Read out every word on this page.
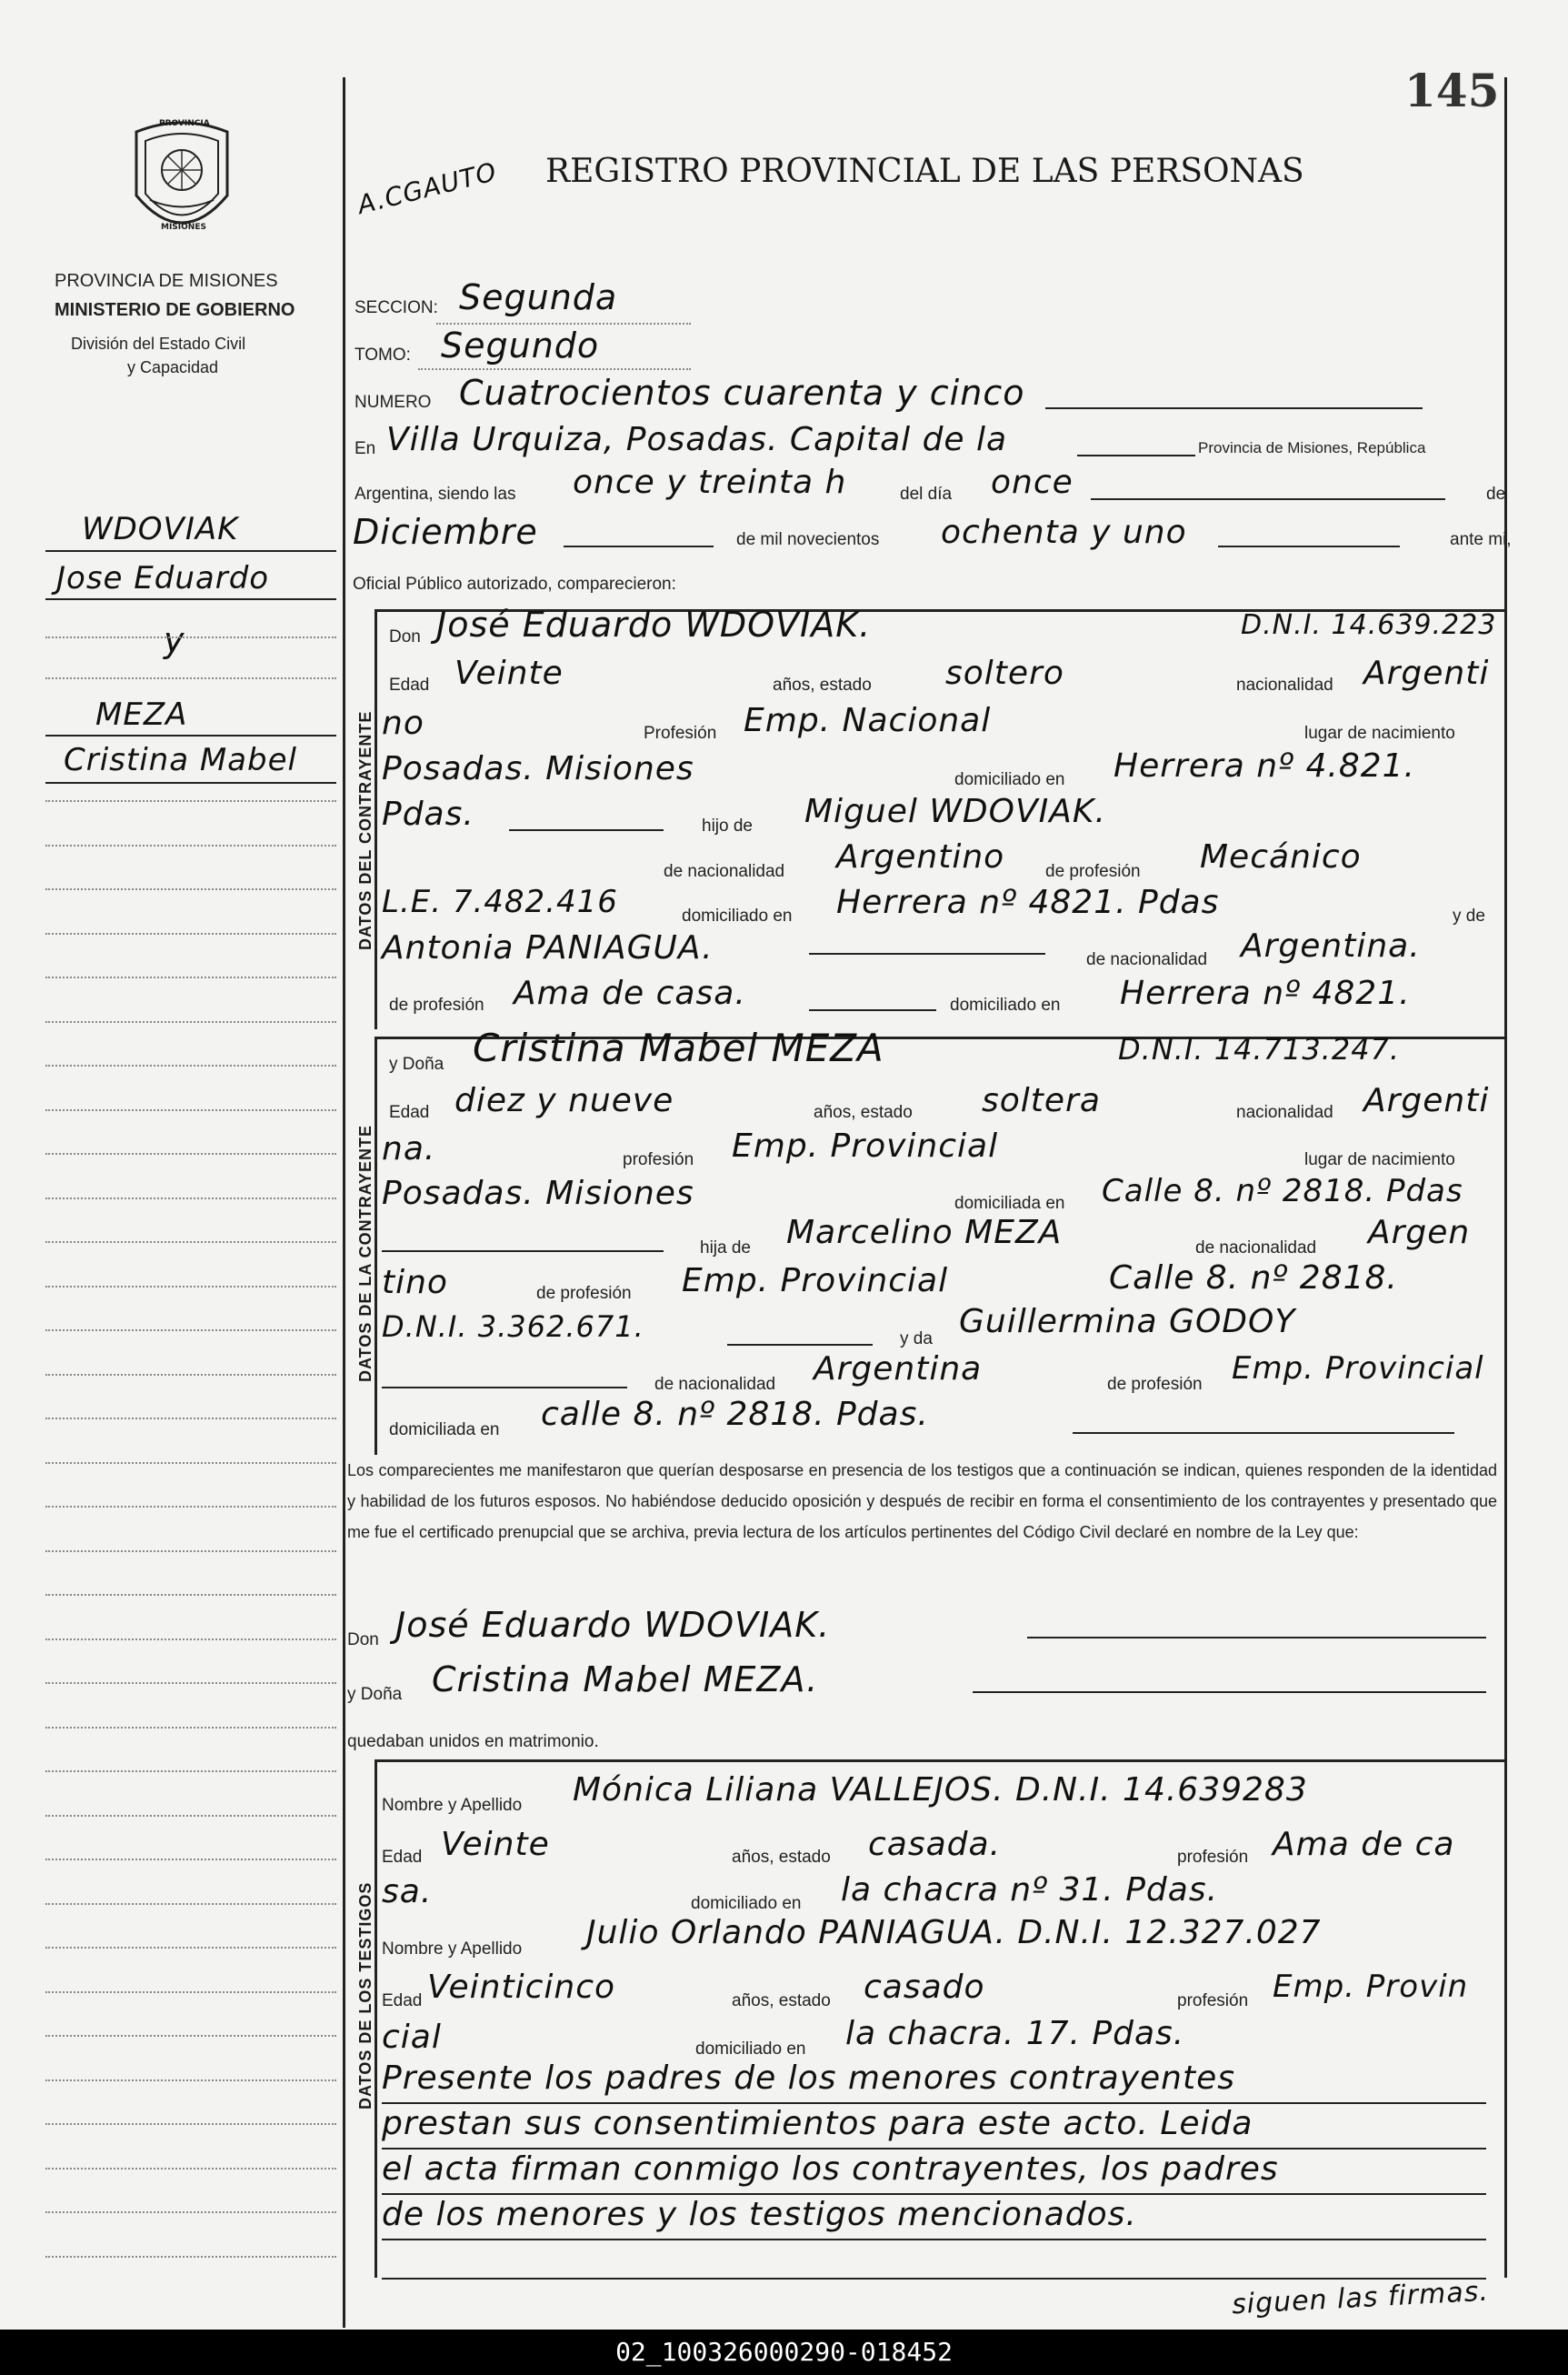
145
PROVINCIA
MISIONES
PROVINCIA DE MISIONES
MINISTERIO DE GOBIERNO
División del Estado Civil
y Capacidad
REGISTRO PROVINCIAL DE LAS PERSONAS
A.CGAUTO
WDOVIAK
Jose Eduardo
y
MEZA
Cristina Mabel
SECCION: Segunda
TOMO: Segundo
NUMERO Cuatrocientos cuarenta y cinco
En Villa Urquiza, Posadas. Capital de la	Provincia de Misiones, República
Argentina, siendo las once y treinta h	del día once	de
Diciembre	de mil novecientos ochenta y uno	ante mi,
Oficial Público autorizado, comparecieron:
DATOS DEL CONTRAYENTE
Don José Eduardo WDOVIAK.	D.N.I. 14.639.223
Edad Veinte	años, estado soltero	nacionalidad Argenti
no	Profesión Emp. Nacional	lugar de nacimiento
Posadas. Misiones	domiciliado en Herrera nº 4.821.
Pdas.	hijo de Miguel WDOVIAK.
de nacionalidad Argentino de profesión Mecánico
L.E. 7.482.416	domiciliado en Herrera nº 4821. Pdas	y de
Antonia PANIAGUA.	de nacionalidad Argentina.
de profesión Ama de casa.	domiciliado en Herrera nº 4821.
DATOS DE LA CONTRAYENTE
y Doña Cristina Mabel MEZA	D.N.I. 14.713.247.
Edad diez y nueve	años, estado soltera	nacionalidad Argenti
na.	profesión Emp. Provincial	lugar de nacimiento
Posadas. Misiones	domiciliada en Calle 8. nº 2818. Pdas
hija de Marcelino MEZA	de nacionalidad Argen
tino	de profesión Emp. Provincial	Calle 8. nº 2818.
D.N.I. 3.362.671.	y da Guillermina GODOY
de nacionalidad Argentina	de profesión Emp. Provincial
domiciliada en calle 8. nº 2818. Pdas.
Los comparecientes me manifestaron que querían desposarse en presencia de los testigos que a continuación se indican, quienes responden de la identidad y habilidad de los futuros esposos. No habiéndose deducido oposición y después de recibir en forma el consentimiento de los contrayentes y presentado que me fue el certificado prenupcial que se archiva, previa lectura de los artículos pertinentes del Código Civil declaré en nombre de la Ley que:
Don José Eduardo WDOVIAK.
y Doña Cristina Mabel MEZA.
quedaban unidos en matrimonio.
DATOS DE LOS TESTIGOS
Nombre y Apellido Mónica Liliana VALLEJOS. D.N.I. 14.639283
Edad Veinte	años, estado casada.	profesión Ama de ca
sa.	domiciliado en la chacra nº 31. Pdas.
Nombre y Apellido Julio Orlando PANIAGUA. D.N.I. 12.327.027
Edad Veinticinco	años, estado casado	profesión Emp. Provin
cial	domiciliado en la chacra. 17. Pdas.
Presente los padres de los menores contrayentes
prestan sus consentimientos para este acto. Leida
el acta firman conmigo los contrayentes, los padres
de los menores y los testigos mencionados.
siguen las firmas.
02_100326000290-018452
